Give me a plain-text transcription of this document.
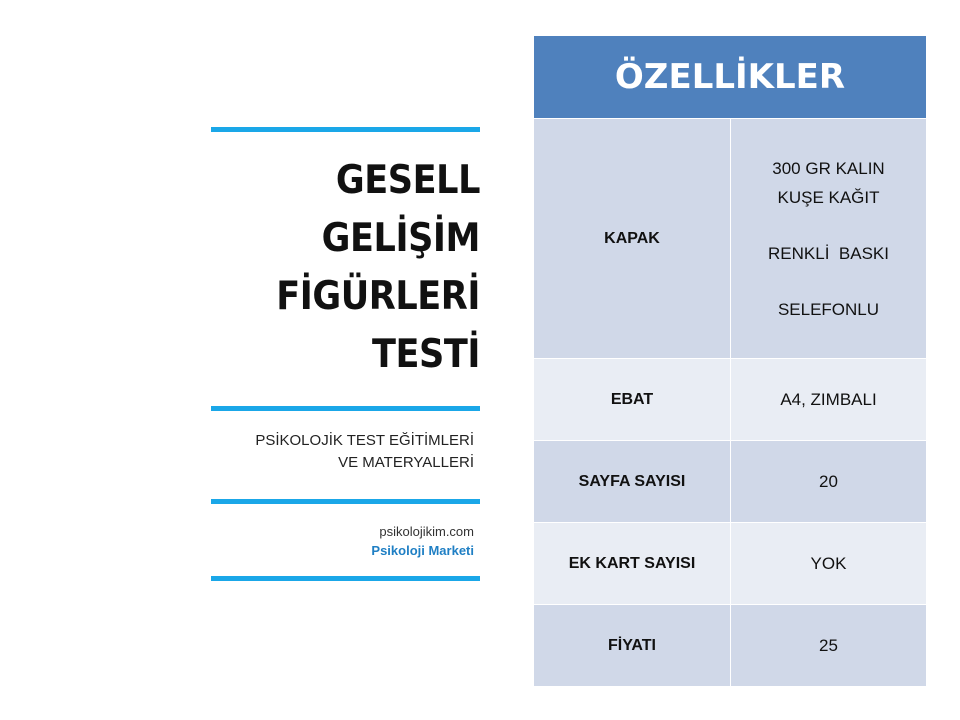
GESELL
GELİŞİM
FİGÜRLERİ
TESTİ
PSİKOLOJİK TEST EĞİTİMLERİ
VE MATERYALLERİ
psikolojikim.com
Psikoloji Marketi
ÖZELLİKLER	
KAPAK	300 GR KALIN
KUŞE KAĞIT
RENKLİ  BASKI
SELEFONLU

EBAT	A4, ZIMBALI
SAYFA SAYISI	20
EK KART SAYISI	YOK
FİYATI	25
